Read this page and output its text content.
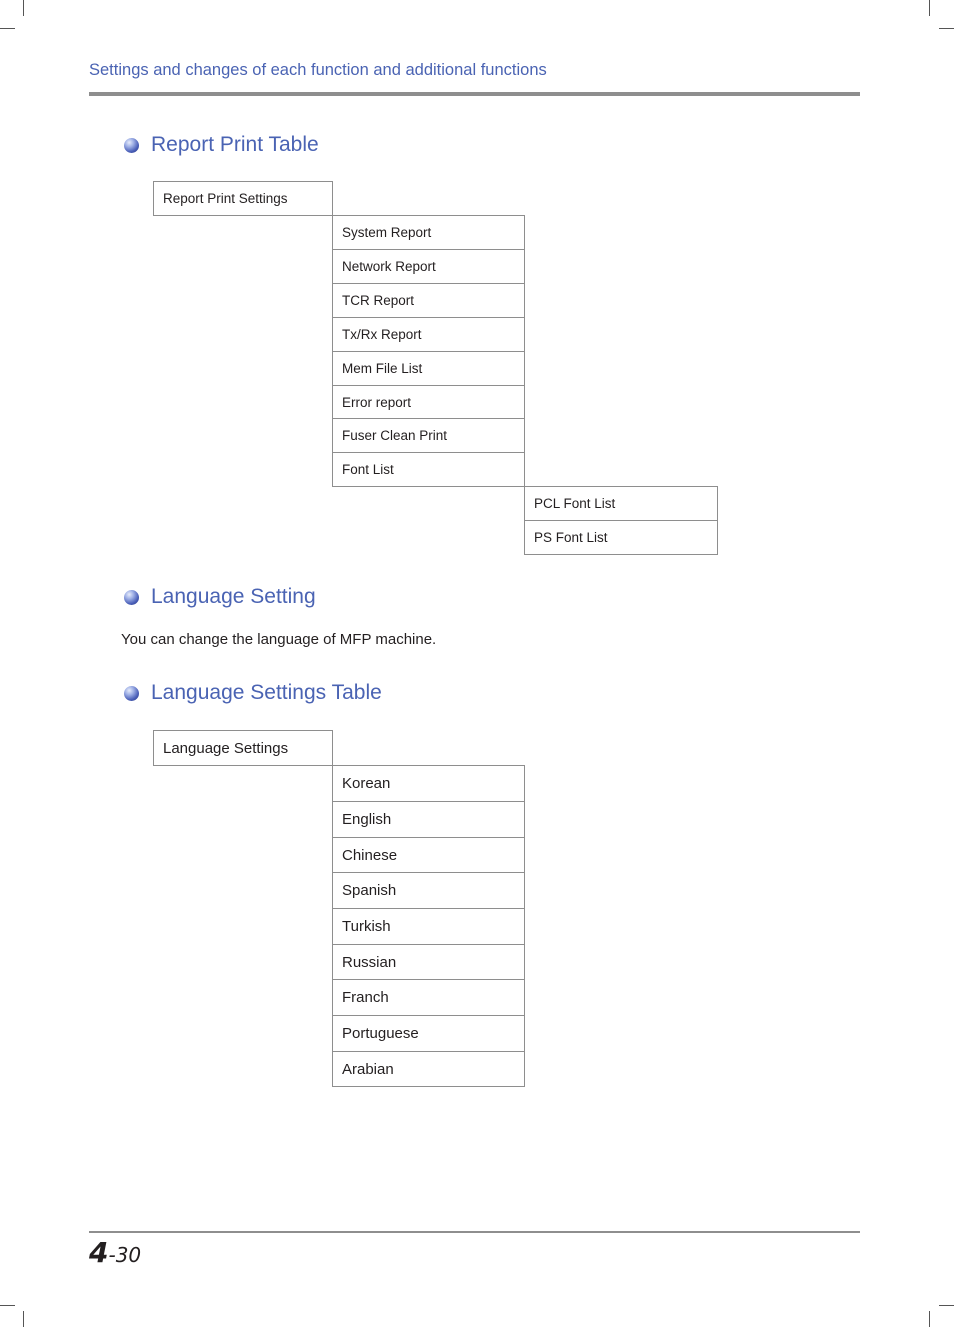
Settings and changes of each function and additional functions
Report Print Table
Report Print Settings
System Report
Network Report
TCR Report
Tx/Rx Report
Mem File List
Error report
Fuser Clean Print
Font List
PCL Font List
PS Font List
Language Setting
You can change the language of MFP machine.
Language Settings Table
Language Settings
Korean
English
Chinese
Spanish
Turkish
Russian
Franch
Portuguese
Arabian
4-30
